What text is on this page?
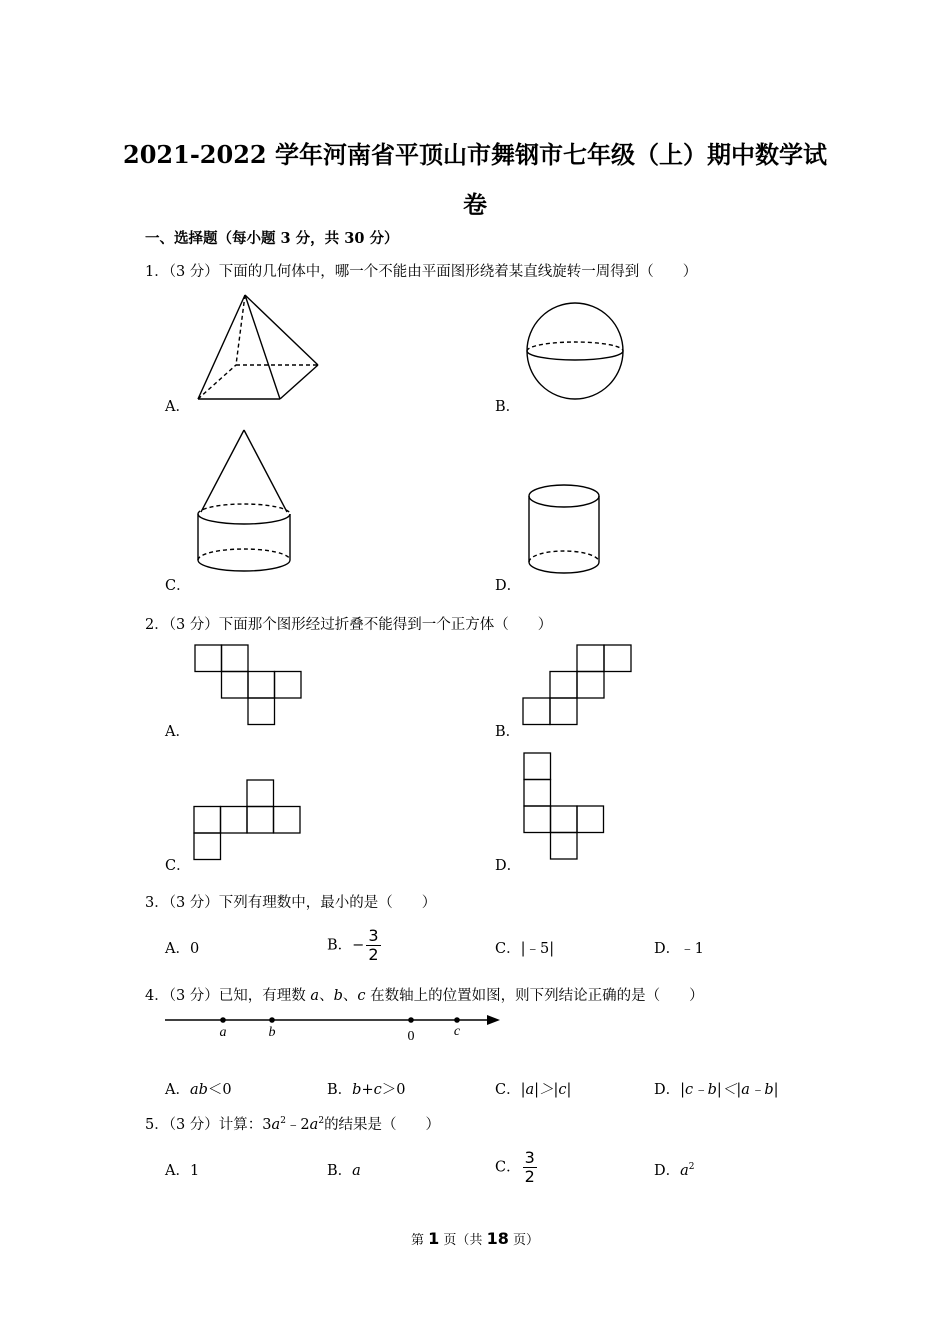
2021-2022 学年河南省平顶山市舞钢市七年级（上）期中数学试
卷
一、选择题（每小题 3 分，共 30 分）
1．（3 分）下面的几何体中，哪一个不能由平面图形绕着某直线旋转一周得到（　　）
A．	B．
C．	D．
2．（3 分）下面那个图形经过折叠不能得到一个正方体（　　）
A．	B．
C．	D．
3．（3 分）下列有理数中，最小的是（　　）
A．0	B．− $\frac{3}{2}$	C．|﹣5|	D．﹣1
4．（3 分）已知，有理数 a、b、c 在数轴上的位置如图，则下列结论正确的是（　　）
a	b	0	c
A．ab＜0	B．b+c＞0	C．|a|＞|c|	D．|c﹣b|＜|a﹣b|
5．（3 分）计算：$3a^2﹣2a^2$的结果是（　　）
A．1	B．a	C． $\frac{3}{2}$	D．$a^2$
第 1 页（共 18 页）
